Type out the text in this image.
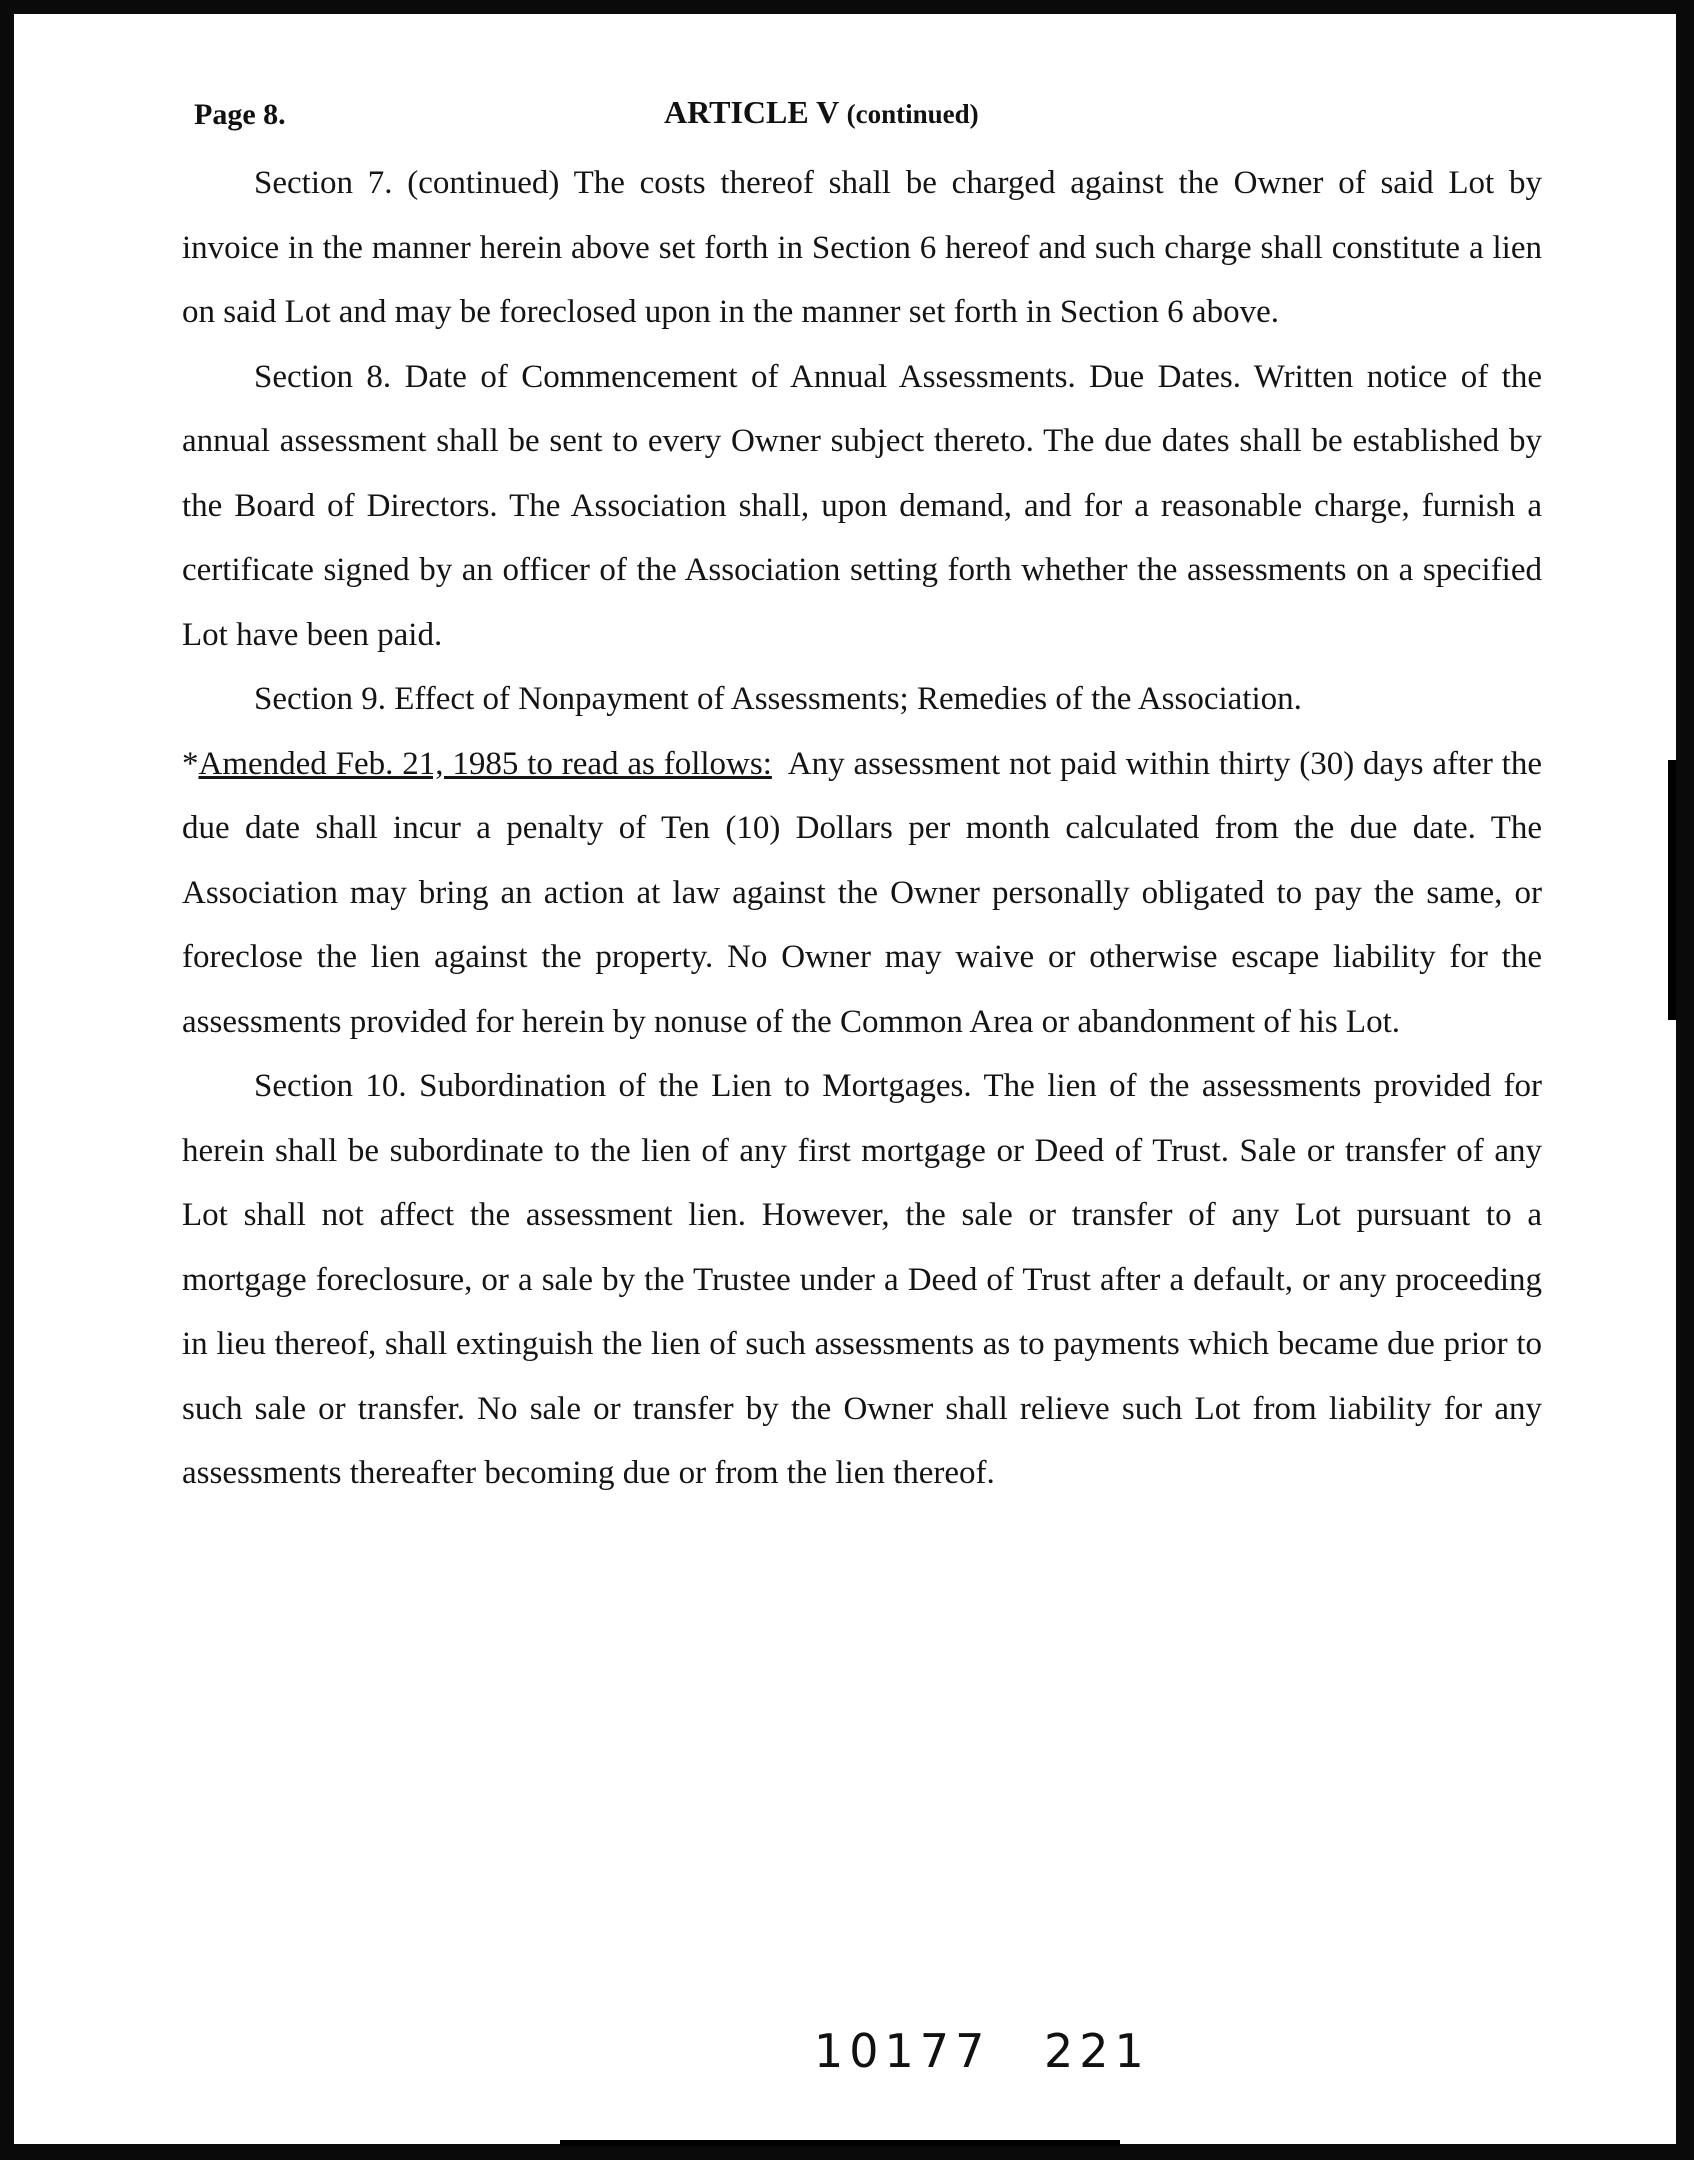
Page 8.	ARTICLE V (continued)

Section 7. (continued) The costs thereof shall be charged against the Owner of said Lot by invoice in the manner herein above set forth in Section 6 hereof and such charge shall constitute a lien on said Lot and may be foreclosed upon in the manner set forth in Section 6 above.

Section 8. Date of Commencement of Annual Assessments. Due Dates. Written notice of the annual assessment shall be sent to every Owner subject thereto. The due dates shall be established by the Board of Directors. The Association shall, upon demand, and for a reasonable charge, furnish a certificate signed by an officer of the Association setting forth whether the assessments on a specified Lot have been paid.

Section 9. Effect of Nonpayment of Assessments; Remedies of the Association.

*Amended Feb. 21, 1985 to read as follows: Any assessment not paid within thirty (30) days after the due date shall incur a penalty of Ten (10) Dollars per month calculated from the due date. The Association may bring an action at law against the Owner personally obligated to pay the same, or foreclose the lien against the property. No Owner may waive or otherwise escape liability for the assessments provided for herein by nonuse of the Common Area or abandonment of his Lot.

Section 10. Subordination of the Lien to Mortgages. The lien of the assessments provided for herein shall be subordinate to the lien of any first mortgage or Deed of Trust. Sale or transfer of any Lot shall not affect the assessment lien. However, the sale or transfer of any Lot pursuant to a mortgage foreclosure, or a sale by the Trustee under a Deed of Trust after a default, or any proceeding in lieu thereof, shall extinguish the lien of such assessments as to payments which became due prior to such sale or transfer. No sale or transfer by the Owner shall relieve such Lot from liability for any assessments thereafter becoming due or from the lien thereof.

10177 221
